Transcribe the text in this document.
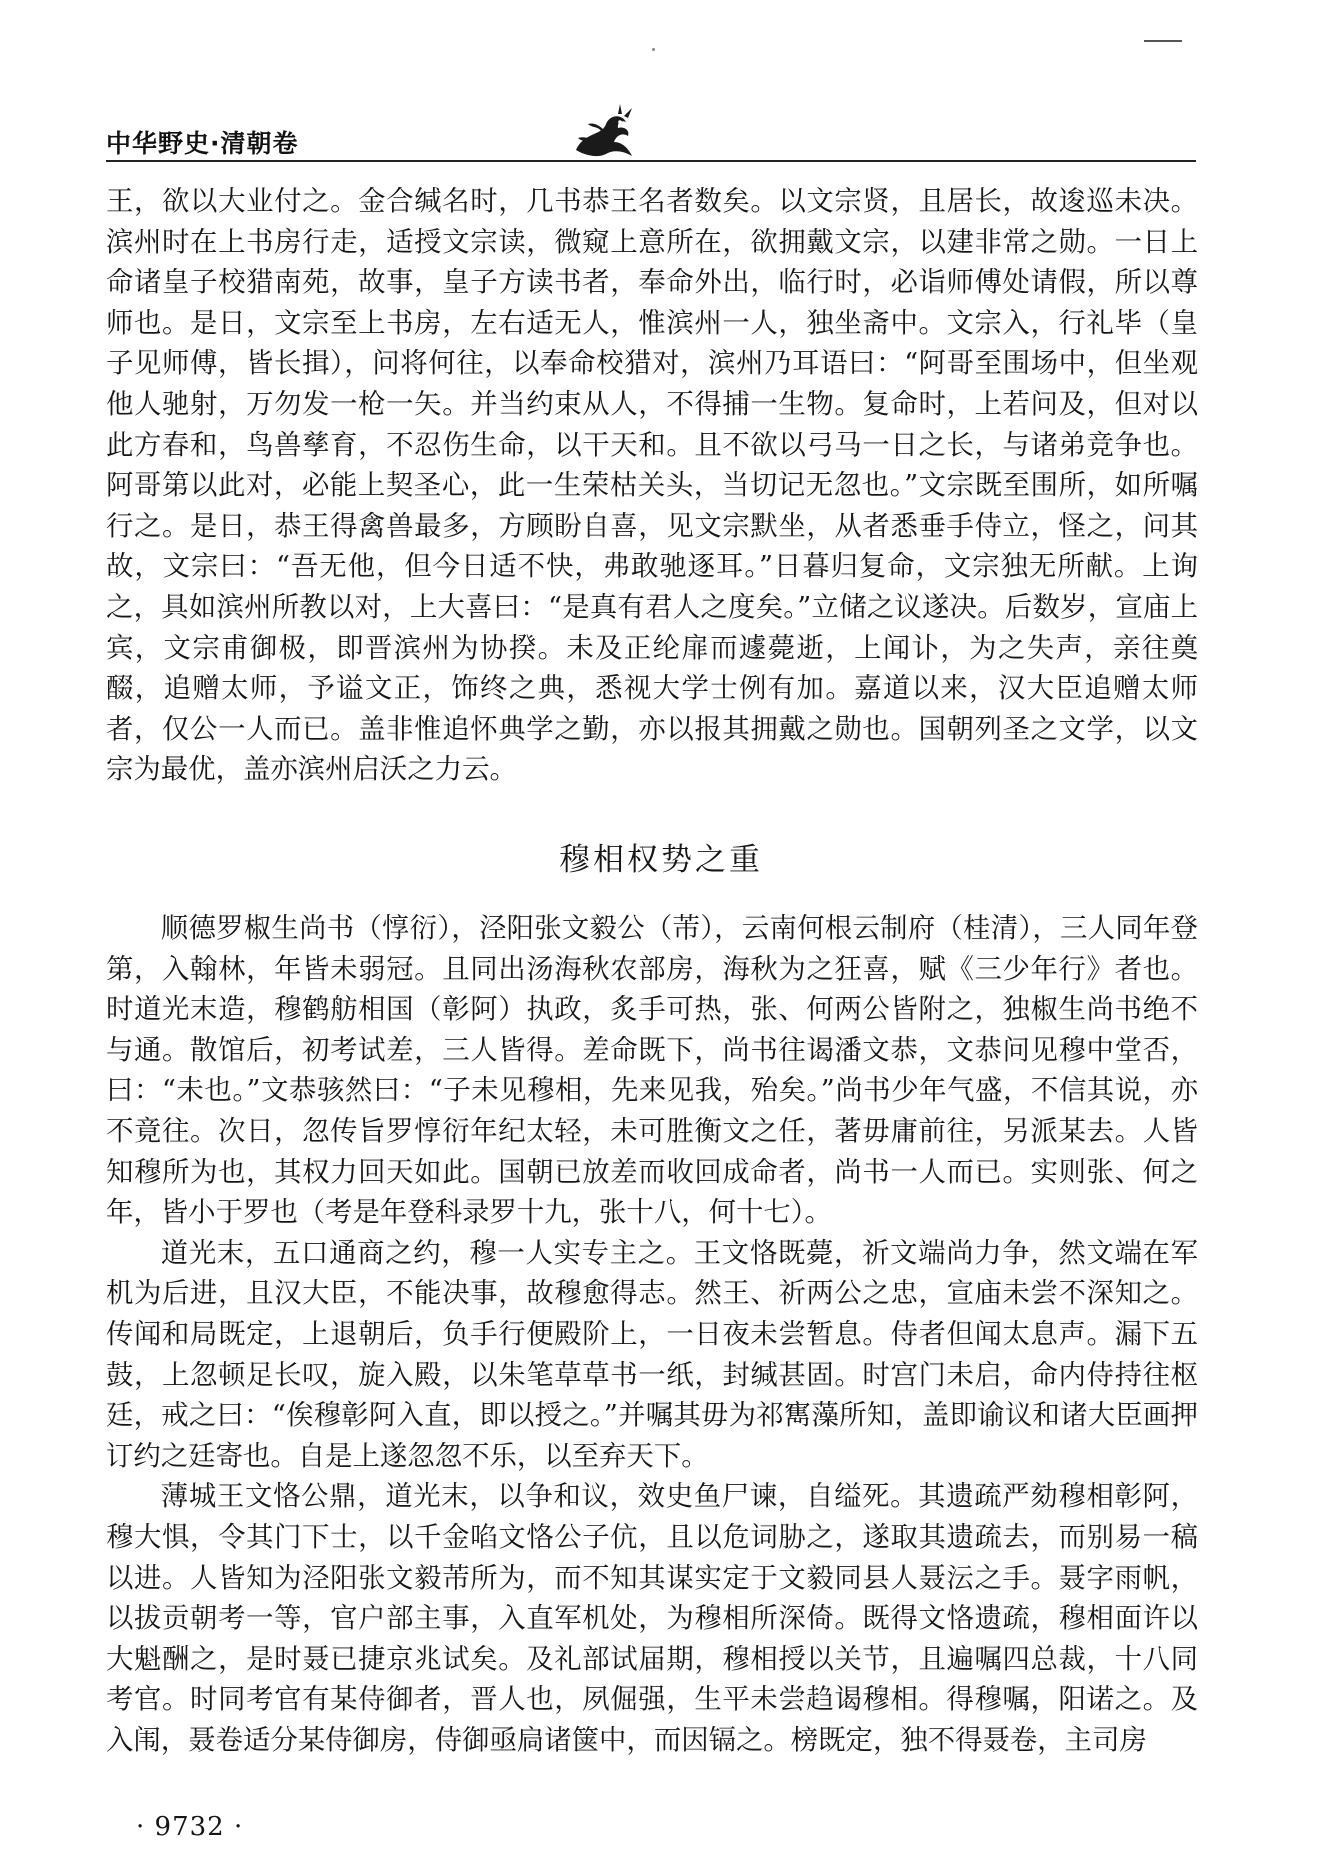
中华野史·清朝卷

王，欲以大业付之。金合缄名时，几书恭王名者数矣。以文宗贤，且居长，故逡巡未决。滨州时在上书房行走，适授文宗读，微窥上意所在，欲拥戴文宗，以建非常之勋。一日上命诸皇子校猎南苑，故事，皇子方读书者，奉命外出，临行时，必诣师傅处请假，所以尊师也。是日，文宗至上书房，左右适无人，惟滨州一人，独坐斋中。文宗入，行礼毕（皇子见师傅，皆长揖），问将何往，以奉命校猎对，滨州乃耳语曰：“阿哥至围场中，但坐观他人驰射，万勿发一枪一矢。并当约束从人，不得捕一生物。复命时，上若问及，但对以此方春和，鸟兽孳育，不忍伤生命，以干天和。且不欲以弓马一日之长，与诸弟竞争也。阿哥第以此对，必能上契圣心，此一生荣枯关头，当切记无忽也。”文宗既至围所，如所嘱行之。是日，恭王得禽兽最多，方顾盼自喜，见文宗默坐，从者悉垂手侍立，怪之，问其故，文宗曰：“吾无他，但今日适不快，弗敢驰逐耳。”日暮归复命，文宗独无所献。上询之，具如滨州所教以对，上大喜曰：“是真有君人之度矣。”立储之议遂决。后数岁，宣庙上宾，文宗甫御极，即晋滨州为协揆。未及正纶扉而遽薨逝，上闻讣，为之失声，亲往奠醊，追赠太师，予谥文正，饰终之典，悉视大学士例有加。嘉道以来，汉大臣追赠太师者，仅公一人而已。盖非惟追怀典学之勤，亦以报其拥戴之勋也。国朝列圣之文学，以文宗为最优，盖亦滨州启沃之力云。

穆相权势之重

顺德罗椒生尚书（惇衍），泾阳张文毅公（芾），云南何根云制府（桂清），三人同年登第，入翰林，年皆未弱冠。且同出汤海秋农部房，海秋为之狂喜，赋《三少年行》者也。时道光末造，穆鹤舫相国（彰阿）执政，炙手可热，张、何两公皆附之，独椒生尚书绝不与通。散馆后，初考试差，三人皆得。差命既下，尚书往谒潘文恭，文恭问见穆中堂否，曰：“未也。”文恭骇然曰：“子未见穆相，先来见我，殆矣。”尚书少年气盛，不信其说，亦不竟往。次日，忽传旨罗惇衍年纪太轻，未可胜衡文之任，著毋庸前往，另派某去。人皆知穆所为也，其权力回天如此。国朝已放差而收回成命者，尚书一人而已。实则张、何之年，皆小于罗也（考是年登科录罗十九，张十八，何十七）。

道光末，五口通商之约，穆一人实专主之。王文恪既薨，祈文端尚力争，然文端在军机为后进，且汉大臣，不能决事，故穆愈得志。然王、祈两公之忠，宣庙未尝不深知之。传闻和局既定，上退朝后，负手行便殿阶上，一日夜未尝暂息。侍者但闻太息声。漏下五鼓，上忽顿足长叹，旋入殿，以朱笔草草书一纸，封缄甚固。时宫门未启，命内侍持往枢廷，戒之曰：“俟穆彰阿入直，即以授之。”并嘱其毋为祁寯藻所知，盖即谕议和诸大臣画押订约之廷寄也。自是上遂忽忽不乐，以至弃天下。

薄城王文恪公鼎，道光末，以争和议，效史鱼尸谏，自缢死。其遗疏严劾穆相彰阿，穆大惧，令其门下士，以千金啗文恪公子伉，且以危词胁之，遂取其遗疏去，而别易一稿以进。人皆知为泾阳张文毅芾所为，而不知其谋实定于文毅同县人聂沄之手。聂字雨帆，以拔贡朝考一等，官户部主事，入直军机处，为穆相所深倚。既得文恪遗疏，穆相面许以大魁酬之，是时聂已捷京兆试矣。及礼部试届期，穆相授以关节，且遍嘱四总裁，十八同考官。时同考官有某侍御者，晋人也，夙倔强，生平未尝趋谒穆相。得穆嘱，阳诺之。及入闱，聂卷适分某侍御房，侍御亟扃诸箧中，而因镉之。榜既定，独不得聂卷，主司房

· 9732 ·
